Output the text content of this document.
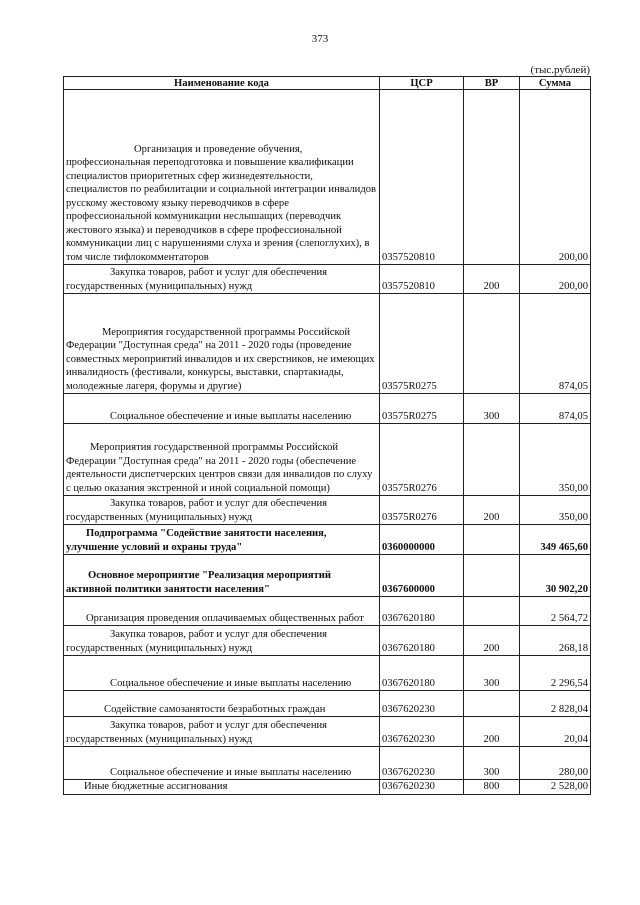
373
(тыс.рублей)
Наименование кода	ЦСР	ВР	Сумма

Организация и проведение обучения, профессиональная переподготовка и повышение квалификации специалистов приоритетных сфер жизнедеятельности, специалистов по реабилитации и социальной интеграции инвалидов русскому жестовому языку переводчиков в сфере профессиональной коммуникации неслышащих (переводчик жестового языка) и переводчиков в сфере профессиональной коммуникации лиц с нарушениями слуха и зрения (слепоглухих), в том числе тифлокомментаторов	0357520810		200,00

Закупка товаров, работ и услуг для обеспечения государственных (муниципальных) нужд	0357520810	200	200,00

Мероприятия государственной программы Российской Федерации "Доступная среда" на 2011 - 2020 годы (проведение совместных мероприятий инвалидов и их сверстников, не имеющих инвалидность (фестивали, конкурсы, выставки, спартакиады, молодежные лагеря, форумы и другие)	03575R0275		874,05

Социальное обеспечение и иные выплаты населению	03575R0275	300	874,05

Мероприятия государственной программы Российской Федерации "Доступная среда" на 2011 - 2020 годы (обеспечение деятельности диспетчерских центров связи для инвалидов по слуху с целью оказания экстренной и иной социальной помощи)	03575R0276		350,00

Закупка товаров, работ и услуг для обеспечения государственных (муниципальных) нужд	03575R0276	200	350,00

Подпрограмма "Содействие занятости населения, улучшение условий и охраны труда"	0360000000		349 465,60

Основное мероприятие "Реализация мероприятий активной политики занятости населения"	0367600000		30 902,20

Организация проведения оплачиваемых общественных работ	0367620180		2 564,72

Закупка товаров, работ и услуг для обеспечения государственных (муниципальных) нужд	0367620180	200	268,18

Социальное обеспечение и иные выплаты населению	0367620180	300	2 296,54

Содействие самозанятости безработных граждан	0367620230		2 828,04

Закупка товаров, работ и услуг для обеспечения государственных (муниципальных) нужд	0367620230	200	20,04

Социальное обеспечение и иные выплаты населению	0367620230	300	280,00

Иные бюджетные ассигнования	0367620230	800	2 528,00
